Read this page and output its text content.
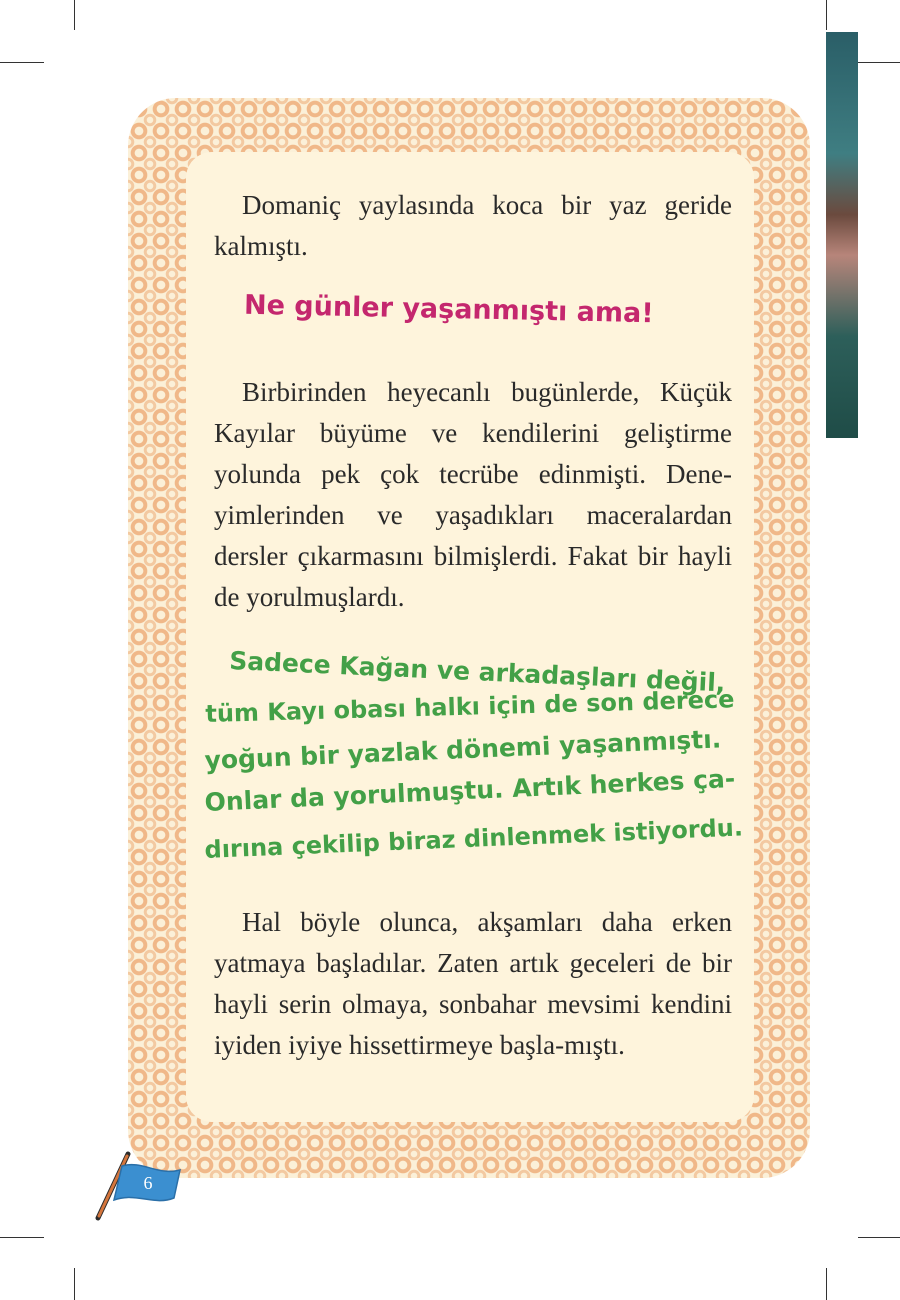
Domaniç yaylasında koca bir yaz geride kalmıştı.

Ne günler yaşanmıştı ama!

Birbirinden heyecanlı bugünlerde, Küçük Kayılar büyüme ve kendilerini geliştirme yolunda pek çok tecrübe edinmişti. Dene-yimlerinden ve yaşadıkları maceralardan dersler çıkarmasını bilmişlerdi. Fakat bir hayli de yorulmuşlardı.

Sadece Kağan ve arkadaşları değil,
tüm Kayı obası halkı için de son derece
yoğun bir yazlak dönemi yaşanmıştı.
Onlar da yorulmuştu. Artık herkes ça-
dırına çekilip biraz dinlenmek istiyordu.

Hal böyle olunca, akşamları daha erken yatmaya başladılar. Zaten artık geceleri de bir hayli serin olmaya, sonbahar mevsimi kendini iyiden iyiye hissettirmeye başla-mıştı.

6
